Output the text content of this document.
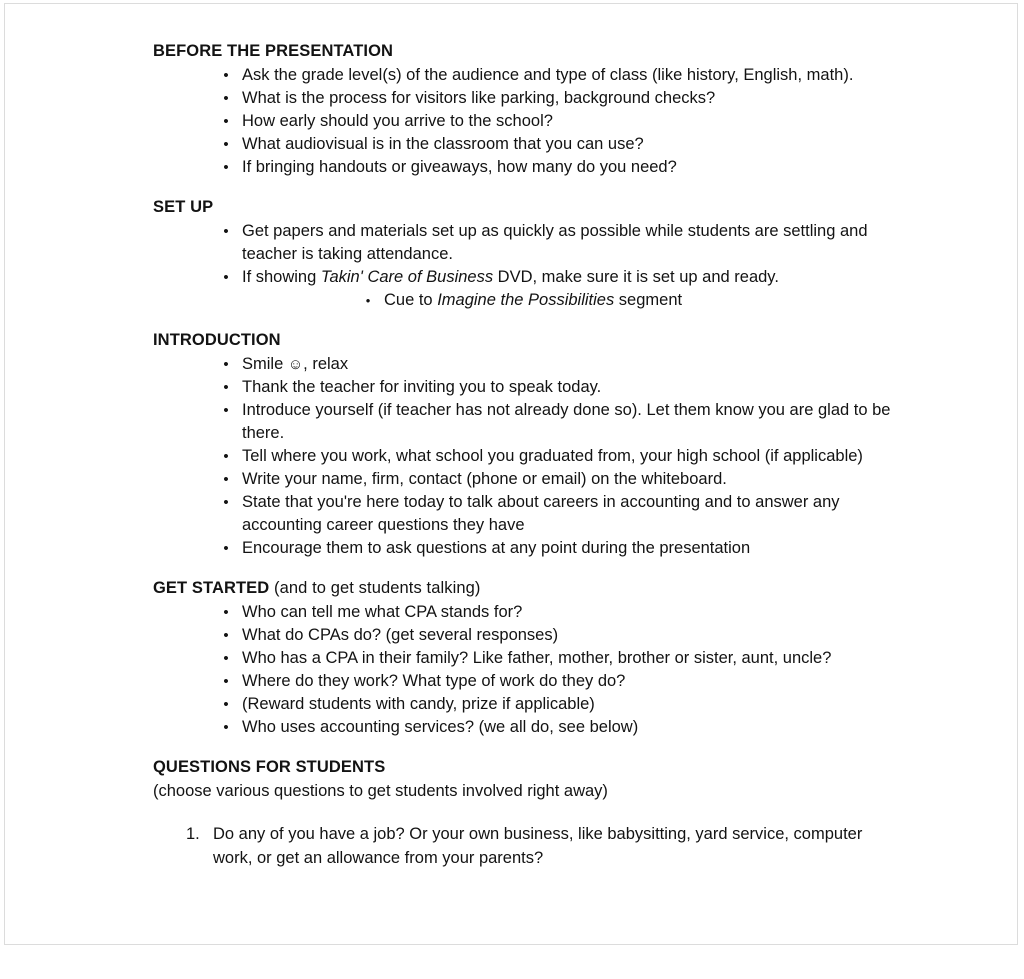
BEFORE THE PRESENTATION
• Ask the grade level(s) of the audience and type of class (like history, English, math).
• What is the process for visitors like parking, background checks?
• How early should you arrive to the school?
• What audiovisual is in the classroom that you can use?
• If bringing handouts or giveaways, how many do you need?
SET UP
• Get papers and materials set up as quickly as possible while students are settling and teacher is taking attendance.
• If showing Takin' Care of Business DVD, make sure it is set up and ready.
• Cue to Imagine the Possibilities segment
INTRODUCTION
• Smile ☺, relax
• Thank the teacher for inviting you to speak today.
• Introduce yourself (if teacher has not already done so). Let them know you are glad to be there.
• Tell where you work, what school you graduated from, your high school (if applicable)
• Write your name, firm, contact (phone or email) on the whiteboard.
• State that you're here today to talk about careers in accounting and to answer any accounting career questions they have
• Encourage them to ask questions at any point during the presentation
GET STARTED (and to get students talking)
• Who can tell me what CPA stands for?
• What do CPAs do? (get several responses)
• Who has a CPA in their family? Like father, mother, brother or sister, aunt, uncle?
• Where do they work? What type of work do they do?
• (Reward students with candy, prize if applicable)
• Who uses accounting services? (we all do, see below)
QUESTIONS FOR STUDENTS

(choose various questions to get students involved right away)

1. Do any of you have a job? Or your own business, like babysitting, yard service, computer work, or get an allowance from your parents?
